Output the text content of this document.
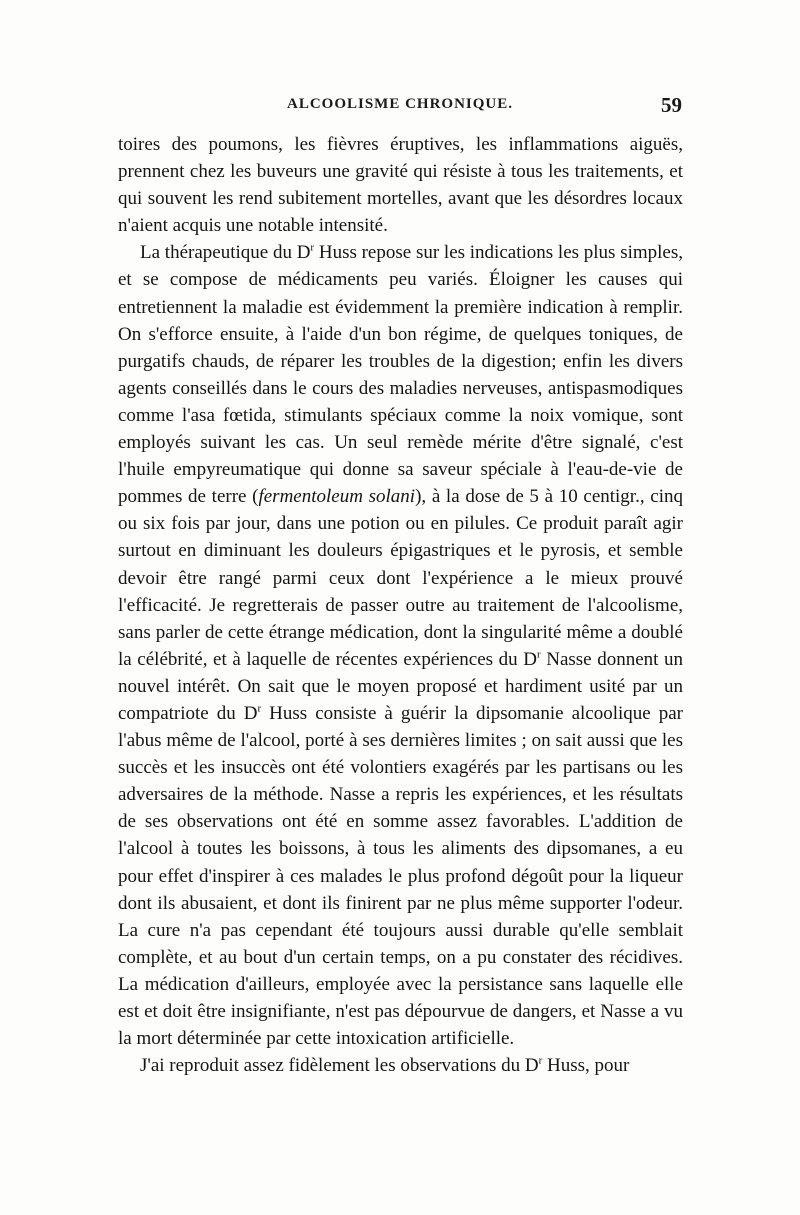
ALCOOLISME CHRONIQUE.	59

toires des poumons, les fièvres éruptives, les inflammations aiguës, prennent chez les buveurs une gravité qui résiste à tous les traitements, et qui souvent les rend subitement mortelles, avant que les désordres locaux n'aient acquis une notable intensité.

La thérapeutique du $D^r$ Huss repose sur les indications les plus simples, et se compose de médicaments peu variés. Éloigner les causes qui entretiennent la maladie est évidemment la première indication à remplir. On s'efforce ensuite, à l'aide d'un bon régime, de quelques toniques, de purgatifs chauds, de réparer les troubles de la digestion; enfin les divers agents conseillés dans le cours des maladies nerveuses, antispasmodiques comme l'asa fœtida, stimulants spéciaux comme la noix vomique, sont employés suivant les cas. Un seul remède mérite d'être signalé, c'est l'huile empyreumatique qui donne sa saveur spéciale à l'eau-de-vie de pommes de terre (fermentoleum solani), à la dose de 5 à 10 centigr., cinq ou six fois par jour, dans une potion ou en pilules. Ce produit paraît agir surtout en diminuant les douleurs épigastriques et le pyrosis, et semble devoir être rangé parmi ceux dont l'expérience a le mieux prouvé l'efficacité. Je regretterais de passer outre au traitement de l'alcoolisme, sans parler de cette étrange médication, dont la singularité même a doublé la célébrité, et à laquelle de récentes expériences du $D^r$ Nasse donnent un nouvel intérêt. On sait que le moyen proposé et hardiment usité par un compatriote du $D^r$ Huss consiste à guérir la dipsomanie alcoolique par l'abus même de l'alcool, porté à ses dernières limites ; on sait aussi que les succès et les insuccès ont été volontiers exagérés par les partisans ou les adversaires de la méthode. Nasse a repris les expériences, et les résultats de ses observations ont été en somme assez favorables. L'addition de l'alcool à toutes les boissons, à tous les aliments des dipsomanes, a eu pour effet d'inspirer à ces malades le plus profond dégoût pour la liqueur dont ils abusaient, et dont ils finirent par ne plus même supporter l'odeur. La cure n'a pas cependant été toujours aussi durable qu'elle semblait complète, et au bout d'un certain temps, on a pu constater des récidives. La médication d'ailleurs, employée avec la persistance sans laquelle elle est et doit être insignifiante, n'est pas dépourvue de dangers, et Nasse a vu la mort déterminée par cette intoxication artificielle.

J'ai reproduit assez fidèlement les observations du $D^r$ Huss, pour
